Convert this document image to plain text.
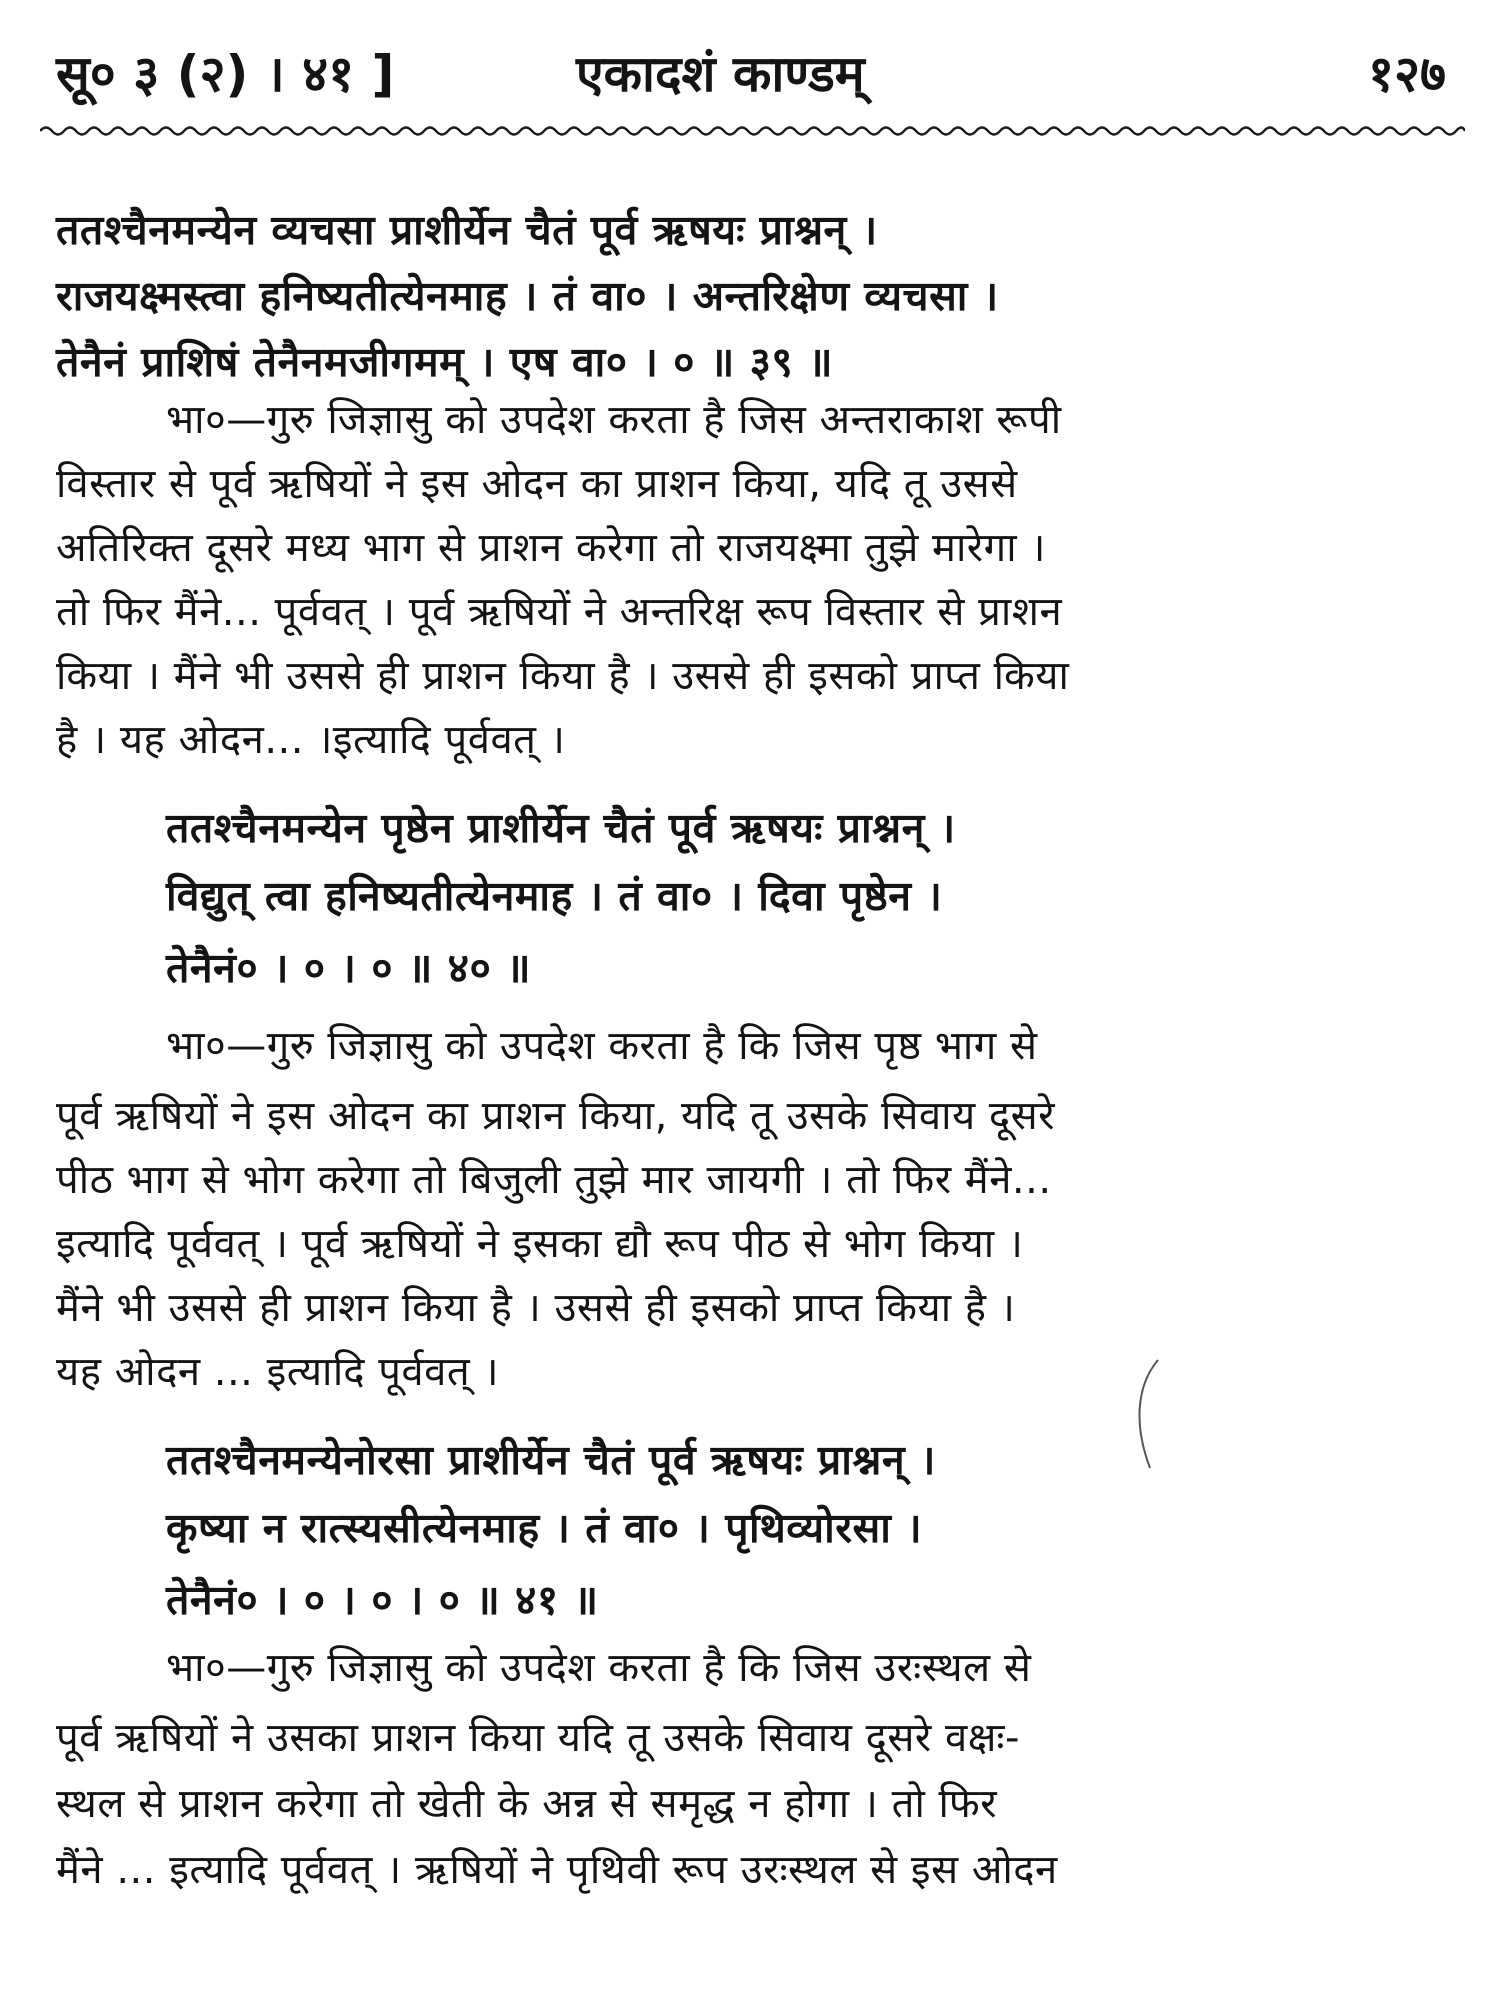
सू० ३ (२) । ४१ ]	एकादशं काण्डम्	१२७
ततश्चैनमन्येन व्यचसा प्राशीर्येन चैतं पूर्व ऋषयः प्राश्नन् ।
राजयक्ष्मस्त्वा हनिष्यतीत्येनमाह । तं वा० । अन्तरिक्षेण व्यचसा ।
तेनैनं प्राशिषं तेनैनमजीगमम् । एष वा० । ० ॥ ३९ ॥
भा०—गुरु जिज्ञासु को उपदेश करता है जिस अन्तराकाश रूपी
विस्तार से पूर्व ऋषियों ने इस ओदन का प्राशन किया, यदि तू उससे
अतिरिक्त दूसरे मध्य भाग से प्राशन करेगा तो राजयक्ष्मा तुझे मारेगा ।
तो फिर मैंने... पूर्ववत् । पूर्व ऋषियों ने अन्तरिक्ष रूप विस्तार से प्राशन
किया । मैंने भी उससे ही प्राशन किया है । उससे ही इसको प्राप्त किया
है । यह ओदन... ।इत्यादि पूर्ववत् ।
ततश्चैनमन्येन पृष्ठेन प्राशीर्येन चैतं पूर्व ऋषयः प्राश्नन् ।
विद्युत् त्वा हनिष्यतीत्येनमाह । तं वा० । दिवा पृष्ठेन ।
तेनैनं० । ० । ० ॥ ४० ॥
भा०—गुरु जिज्ञासु को उपदेश करता है कि जिस पृष्ठ भाग से
पूर्व ऋषियों ने इस ओदन का प्राशन किया, यदि तू उसके सिवाय दूसरे
पीठ भाग से भोग करेगा तो बिजुली तुझे मार जायगी । तो फिर मैंने...
इत्यादि पूर्ववत् । पूर्व ऋषियों ने इसका द्यौ रूप पीठ से भोग किया ।
मैंने भी उससे ही प्राशन किया है । उससे ही इसको प्राप्त किया है ।
यह ओदन ... इत्यादि पूर्ववत् ।
ततश्चैनमन्येनोरसा प्राशीर्येन चैतं पूर्व ऋषयः प्राश्नन् ।
कृष्या न रात्स्यसीत्येनमाह । तं वा० । पृथिव्योरसा ।
तेनैनं० । ० । ० । ० ॥ ४१ ॥
भा०—गुरु जिज्ञासु को उपदेश करता है कि जिस उरःस्थल से
पूर्व ऋषियों ने उसका प्राशन किया यदि तू उसके सिवाय दूसरे वक्षः-
स्थल से प्राशन करेगा तो खेती के अन्न से समृद्ध न होगा । तो फिर
मैंने ... इत्यादि पूर्ववत् । ऋषियों ने पृथिवी रूप उरःस्थल से इस ओदन
